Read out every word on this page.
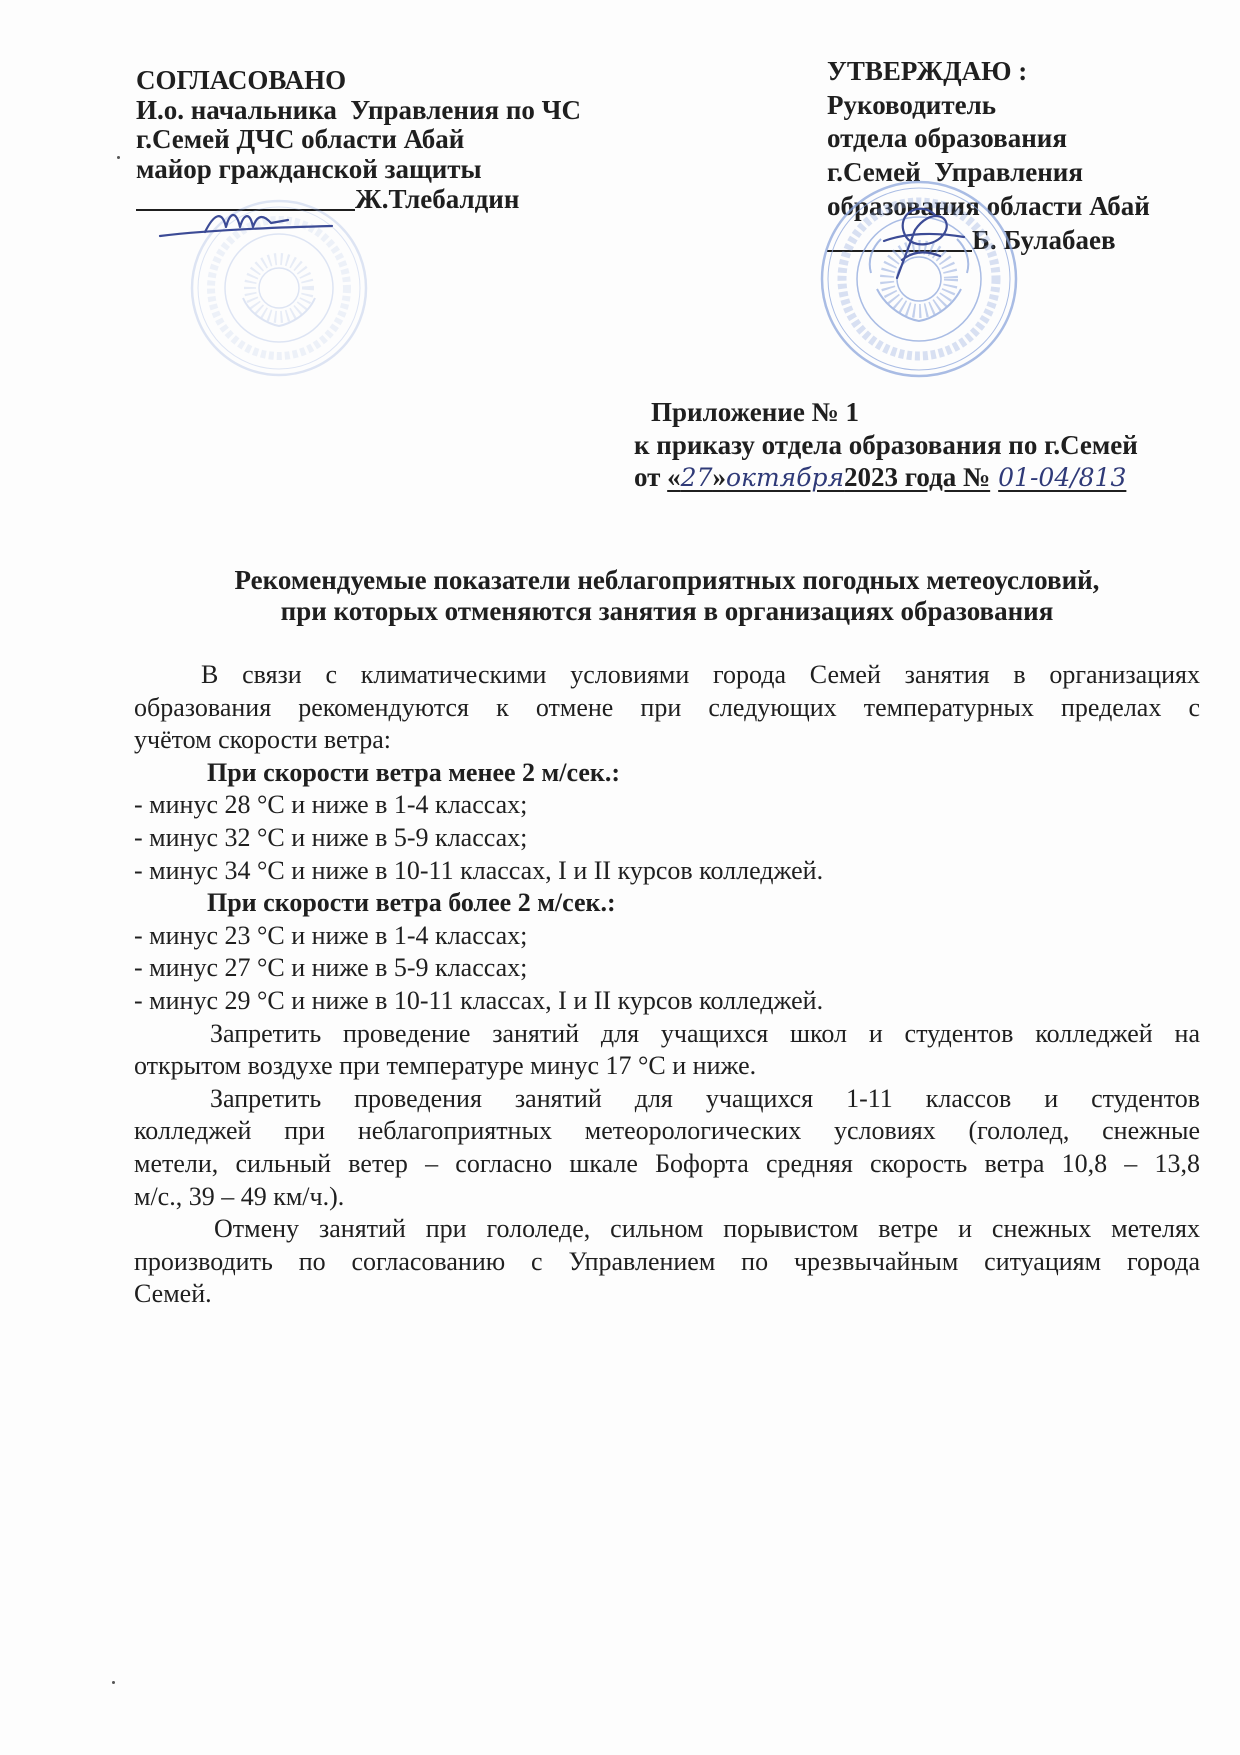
СОГЛАСОВАНО
И.о. начальника  Управления по ЧС
г.Семей ДЧС области Абай
майор гражданской защиты
Ж.Тлебалдин
УТВЕРЖДАЮ :
Руководитель
отдела образования
г.Семей  Управления
образования области Абай
Б. Булабаев
Приложение № 1
к приказу отдела образования по г.Семей
от «27»октября2023 года № 01-04/813
Рекомендуемые показатели неблагоприятных погодных метеоусловий,
при которых отменяются занятия в организациях образования
В связи с климатическими условиями города Семей занятия в организациях
образования рекомендуются к отмене при следующих температурных пределах с
учётом скорости ветра:
При скорости ветра менее 2 м/сек.:
- минус 28 °С и ниже в 1-4 классах;
- минус 32 °С и ниже в 5-9 классах;
- минус 34 °С и ниже в 10-11 классах, I и II курсов колледжей.
При скорости ветра более 2 м/сек.:
- минус 23 °С и ниже в 1-4 классах;
- минус 27 °С и ниже в 5-9 классах;
- минус 29 °С и ниже в 10-11 классах, I и II курсов колледжей.
Запретить проведение занятий для учащихся школ и студентов колледжей на
открытом воздухе при температуре минус 17 °С и ниже.
Запретить проведения занятий для учащихся 1-11 классов и студентов
колледжей при неблагоприятных метеорологических условиях (гололед, снежные
метели, сильный ветер – согласно шкале Бофорта средняя скорость ветра 10,8 – 13,8
м/с., 39 – 49 км/ч.).
Отмену занятий при гололеде, сильном порывистом ветре и снежных метелях
производить по согласованию с Управлением по чрезвычайным ситуациям города
Семей.
